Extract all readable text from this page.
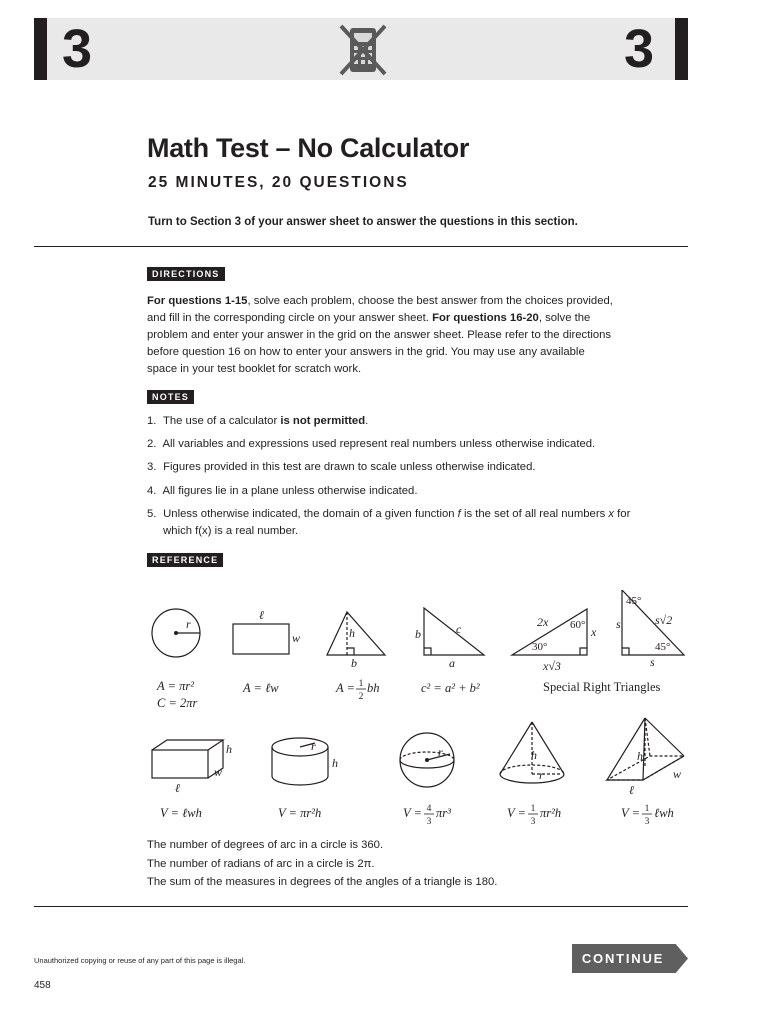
3	3
Math Test – No Calculator
25 MINUTES, 20 QUESTIONS
Turn to Section 3 of your answer sheet to answer the questions in this section.
DIRECTIONS
For questions 1-15, solve each problem, choose the best answer from the choices provided, and fill in the corresponding circle on your answer sheet. For questions 16-20, solve the problem and enter your answer in the grid on the answer sheet. Please refer to the directions before question 16 on how to enter your answers in the grid. You may use any available space in your test booklet for scratch work.
NOTES
1. The use of a calculator is not permitted.
2. All variables and expressions used represent real numbers unless otherwise indicated.
3. Figures provided in this test are drawn to scale unless otherwise indicated.
4. All figures lie in a plane unless otherwise indicated.
5. Unless otherwise indicated, the domain of a given function f is the set of all real numbers x for
which f(x) is a real number.
REFERENCE
r
ℓ
w	h
b
b	c
a
2x
x
x√3
s√2
s
s
h
w
ℓ
r
h
r	h
r
h
w
ℓ
60°
30°
45°
45°
A = πr²
C = 2πr
A = ℓw	A = bh	c² = a² + b²
V = ℓwh	V = πr²h	V = πr³	V = πr²h	V = ℓwh
1
2
4
3
1
3
1
3
Special Right Triangles
The number of degrees of arc in a circle is 360.
The number of radians of arc in a circle is 2π.
The sum of the measures in degrees of the angles of a triangle is 180.
Unauthorized copying or reuse of any part of this page is illegal.
458
CONTINUE
